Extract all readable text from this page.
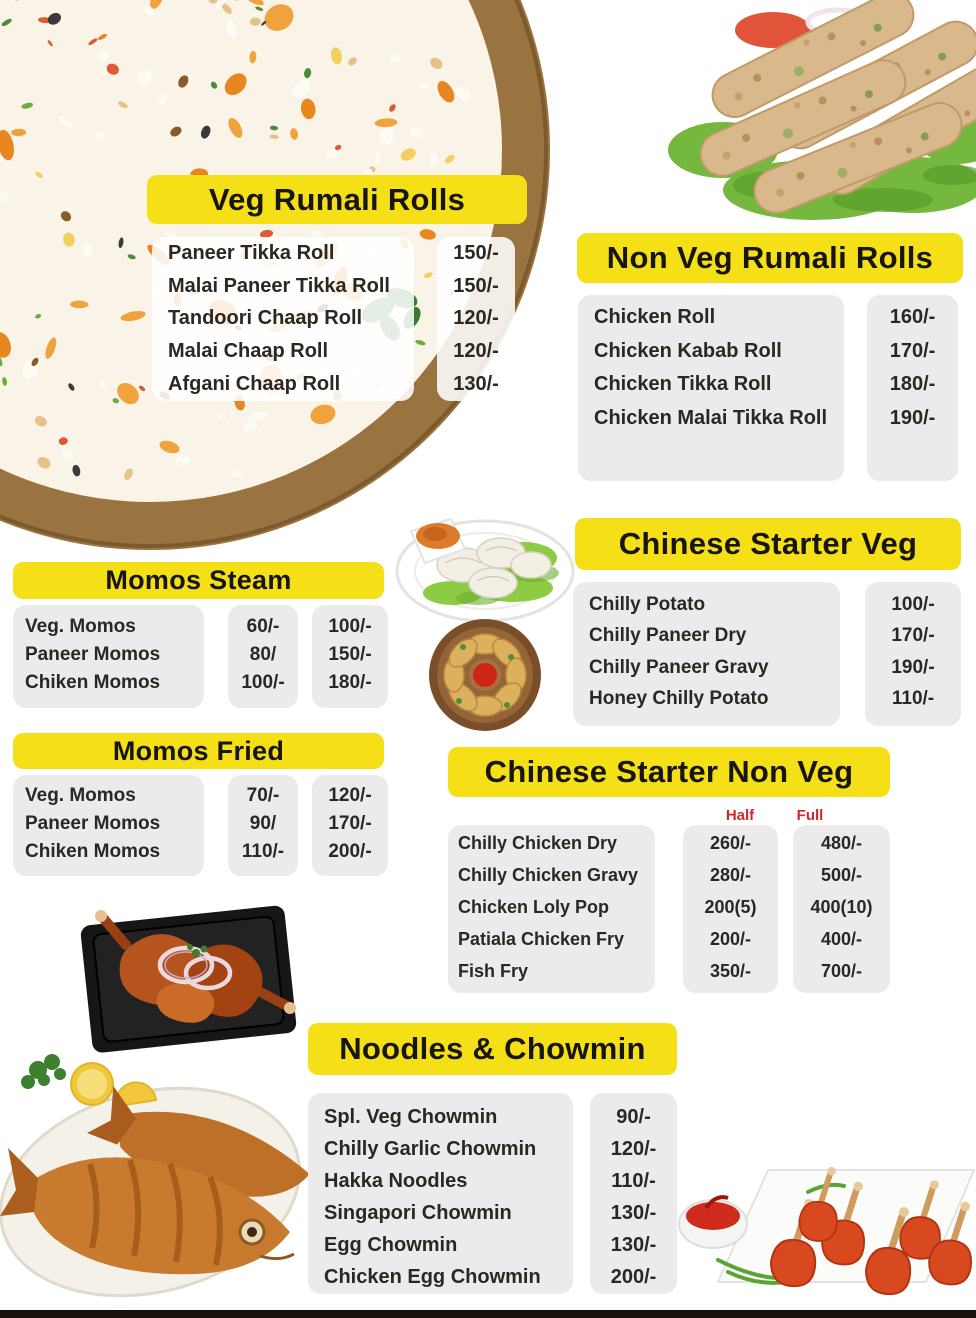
Veg Rumali Rolls
Paneer Tikka Roll
Malai Paneer Tikka Roll
Tandoori Chaap Roll
Malai Chaap Roll
Afgani Chaap Roll
150/-
150/-
120/-
120/-
130/-
Non Veg Rumali Rolls
Chicken Roll
Chicken Kabab Roll
Chicken Tikka Roll
Chicken Malai Tikka Roll
160/-
170/-
180/-
190/-
Momos Steam
Veg. Momos
Paneer Momos
Chiken Momos
60/-
80/
100/-
100/-
150/-
180/-
Momos Fried
Veg. Momos
Paneer Momos
Chiken Momos
70/-
90/
110/-
120/-
170/-
200/-
Chinese Starter Veg
Chilly Potato
Chilly Paneer Dry
Chilly Paneer Gravy
Honey Chilly Potato
100/-
170/-
190/-
110/-
Chinese Starter Non Veg
Half	Full
Chilly Chicken Dry
Chilly Chicken Gravy
Chicken Loly Pop
Patiala Chicken Fry
Fish Fry
260/-
280/-
200(5)
200/-
350/-
480/-
500/-
400(10)
400/-
700/-
Noodles & Chowmin
Spl. Veg Chowmin
Chilly Garlic Chowmin
Hakka Noodles
Singapori Chowmin
Egg Chowmin
Chicken Egg Chowmin
90/-
120/-
110/-
130/-
130/-
200/-
